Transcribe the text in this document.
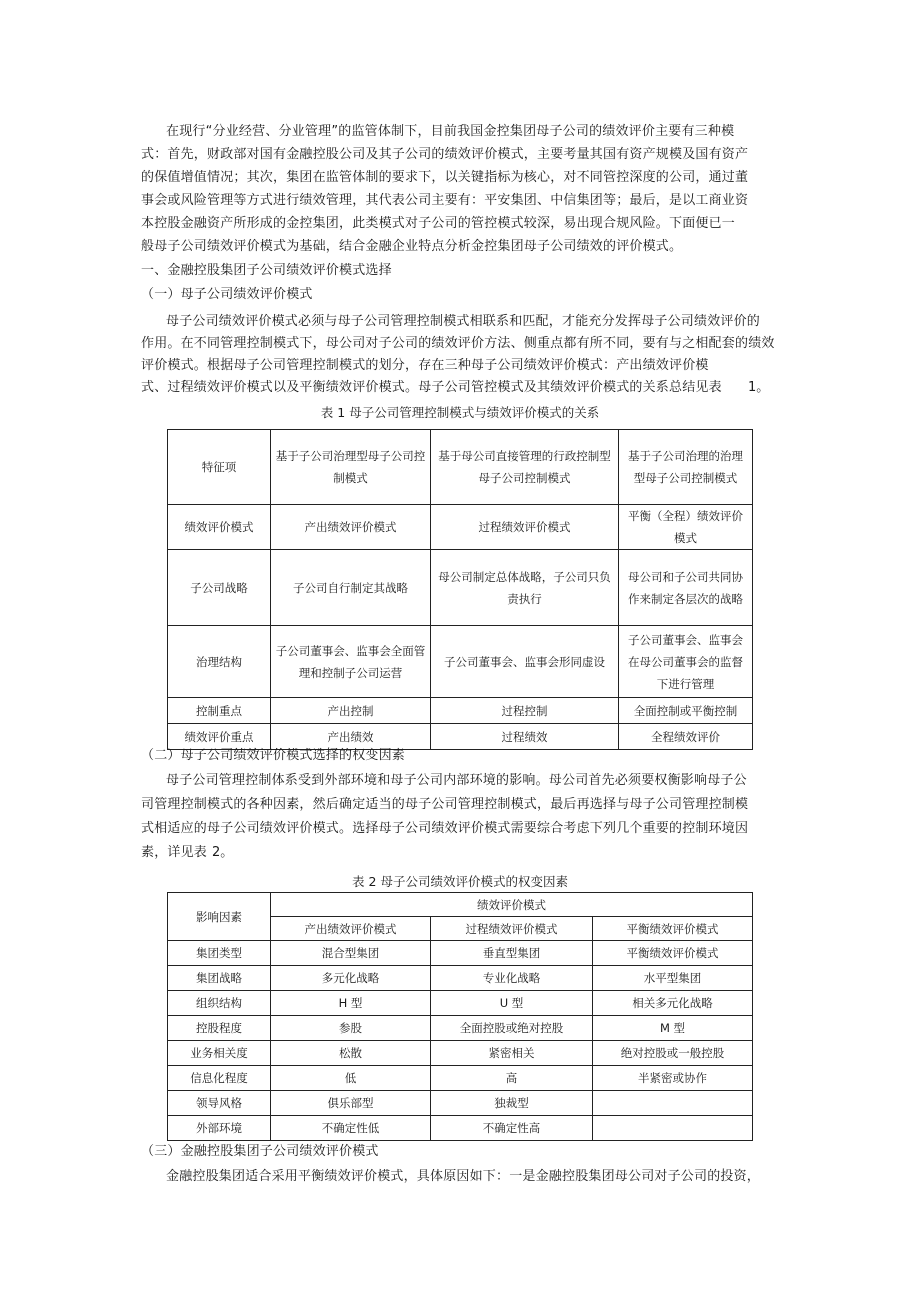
在现行“分业经营、分业管理”的监管体制下，目前我国金控集团母子公司的绩效评价主要有三种模
式：首先，财政部对国有金融控股公司及其子公司的绩效评价模式，主要考量其国有资产规模及国有资产
的保值增值情况；其次，集团在监管体制的要求下，以关键指标为核心，对不同管控深度的公司，通过董
事会或风险管理等方式进行绩效管理，其代表公司主要有：平安集团、中信集团等；最后，是以工商业资
本控股金融资产所形成的金控集团，此类模式对子公司的管控模式较深，易出现合规风险。下面便已一
般母子公司绩效评价模式为基础，结合金融企业特点分析金控集团母子公司绩效的评价模式。
一、金融控股集团子公司绩效评价模式选择
（一）母子公司绩效评价模式
母子公司绩效评价模式必须与母子公司管理控制模式相联系和匹配，才能充分发挥母子公司绩效评价的
作用。在不同管理控制模式下，母公司对子公司的绩效评价方法、侧重点都有所不同，要有与之相配套的绩效
评价模式。根据母子公司管理控制模式的划分，存在三种母子公司绩效评价模式：产出绩效评价模
式、过程绩效评价模式以及平衡绩效评价模式。母子公司管控模式及其绩效评价模式的关系总结见表 1。
表 1 母子公司管理控制模式与绩效评价模式的关系
特征项	基于子公司治理型母子公司控制模式	基于母公司直接管理的行政控制型母子公司控制模式	基于子公司治理的治理型母子公司控制模式
绩效评价模式	产出绩效评价模式	过程绩效评价模式	平衡（全程）绩效评价模式
子公司战略	子公司自行制定其战略	母公司制定总体战略，子公司只负责执行	母公司和子公司共同协作来制定各层次的战略
治理结构	子公司董事会、监事会全面管理和控制子公司运营	子公司董事会、监事会形同虚设	子公司董事会、监事会在母公司董事会的监督下进行管理
控制重点	产出控制	过程控制	全面控制或平衡控制
绩效评价重点	产出绩效	过程绩效	全程绩效评价
（二）母子公司绩效评价模式选择的权变因素
母子公司管理控制体系受到外部环境和母子公司内部环境的影响。母公司首先必须要权衡影响母子公
司管理控制模式的各种因素，然后确定适当的母子公司管理控制模式，最后再选择与母子公司管理控制模
式相适应的母子公司绩效评价模式。选择母子公司绩效评价模式需要综合考虑下列几个重要的控制环境因
素，详见表 2。
表 2 母子公司绩效评价模式的权变因素
影响因素	绩效评价模式		
	产出绩效评价模式	过程绩效评价模式	平衡绩效评价模式
集团类型	混合型集团	垂直型集团	平衡绩效评价模式
集团战略	多元化战略	专业化战略	水平型集团
组织结构	H 型	U 型	相关多元化战略
控股程度	参股	全面控股或绝对控股	M 型
业务相关度	松散	紧密相关	绝对控股或一般控股
信息化程度	低	高	半紧密或协作
领导风格	俱乐部型	独裁型	
外部环境	不确定性低	不确定性高	
（三）金融控股集团子公司绩效评价模式
金融控股集团适合采用平衡绩效评价模式，具体原因如下：一是金融控股集团母公司对子公司的投资，
